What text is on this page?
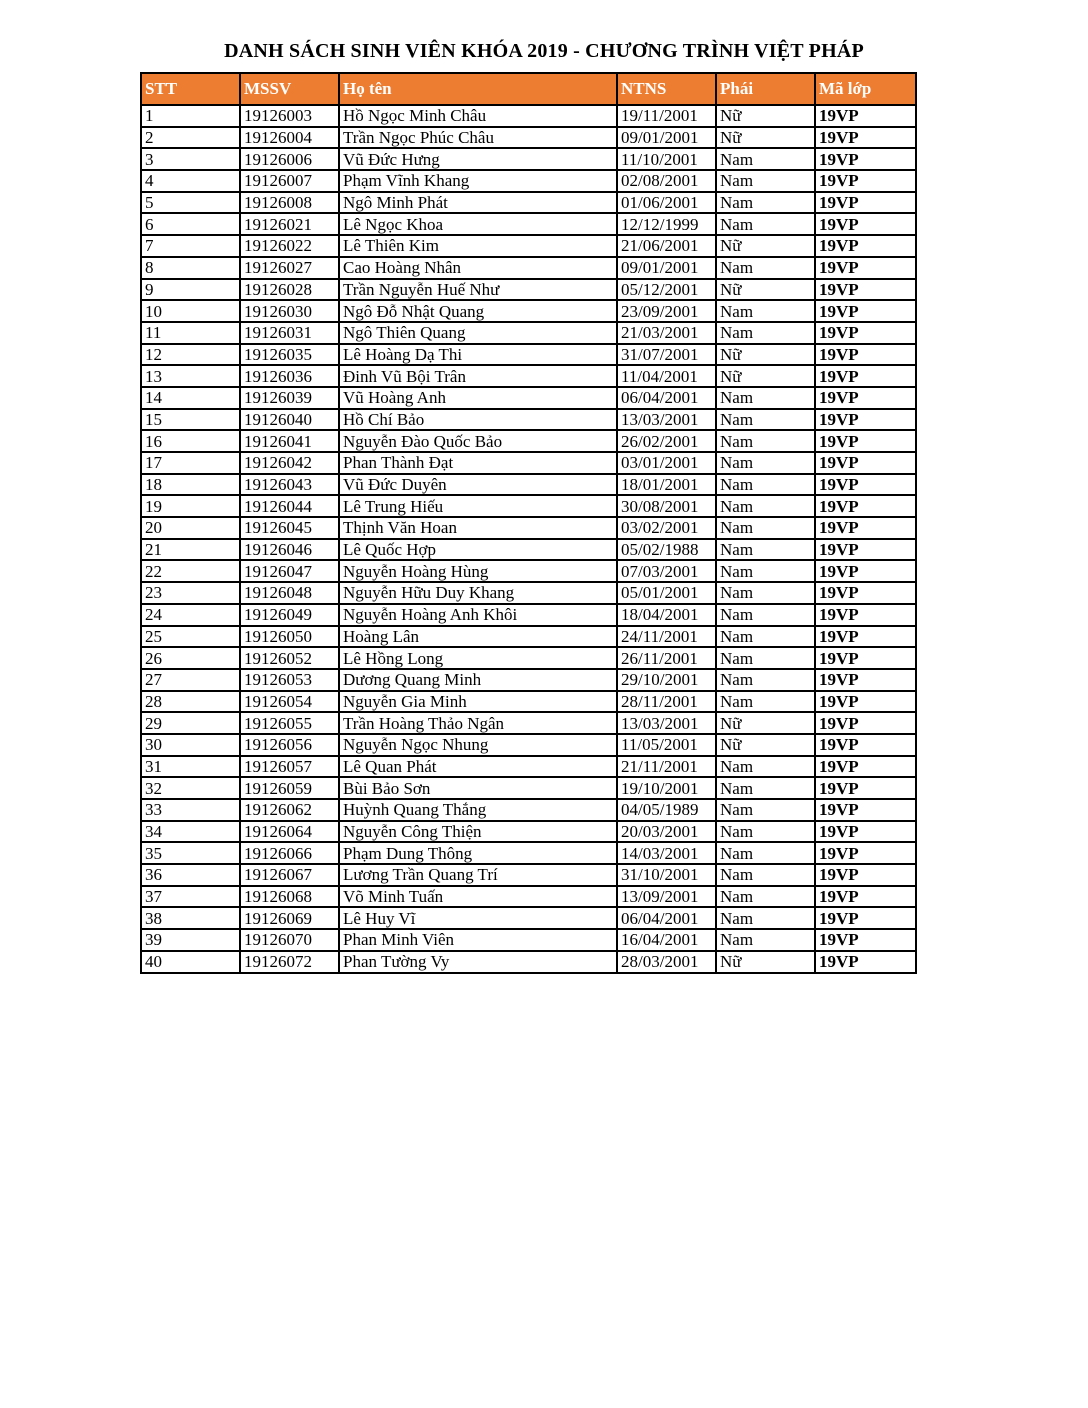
DANH SÁCH SINH VIÊN KHÓA 2019 - CHƯƠNG TRÌNH VIỆT PHÁP
STT	MSSV	Họ tên	NTNS	Phái	Mã lớp
1	19126003	Hồ Ngọc Minh Châu	19/11/2001	Nữ	19VP
2	19126004	Trần Ngọc Phúc Châu	09/01/2001	Nữ	19VP
3	19126006	Vũ Đức Hưng	11/10/2001	Nam	19VP
4	19126007	Phạm Vĩnh Khang	02/08/2001	Nam	19VP
5	19126008	Ngô Minh Phát	01/06/2001	Nam	19VP
6	19126021	Lê Ngọc Khoa	12/12/1999	Nam	19VP
7	19126022	Lê Thiên Kim	21/06/2001	Nữ	19VP
8	19126027	Cao Hoàng Nhân	09/01/2001	Nam	19VP
9	19126028	Trần Nguyễn Huế Như	05/12/2001	Nữ	19VP
10	19126030	Ngô Đỗ Nhật Quang	23/09/2001	Nam	19VP
11	19126031	Ngô Thiên Quang	21/03/2001	Nam	19VP
12	19126035	Lê Hoàng Dạ Thi	31/07/2001	Nữ	19VP
13	19126036	Đinh Vũ Bội Trân	11/04/2001	Nữ	19VP
14	19126039	Vũ Hoàng Anh	06/04/2001	Nam	19VP
15	19126040	Hồ Chí Bảo	13/03/2001	Nam	19VP
16	19126041	Nguyễn Đào Quốc Bảo	26/02/2001	Nam	19VP
17	19126042	Phan Thành Đạt	03/01/2001	Nam	19VP
18	19126043	Vũ Đức Duyên	18/01/2001	Nam	19VP
19	19126044	Lê Trung Hiếu	30/08/2001	Nam	19VP
20	19126045	Thịnh Văn Hoan	03/02/2001	Nam	19VP
21	19126046	Lê Quốc Hợp	05/02/1988	Nam	19VP
22	19126047	Nguyễn Hoàng Hùng	07/03/2001	Nam	19VP
23	19126048	Nguyễn Hữu Duy Khang	05/01/2001	Nam	19VP
24	19126049	Nguyễn Hoàng Anh Khôi	18/04/2001	Nam	19VP
25	19126050	Hoàng Lân	24/11/2001	Nam	19VP
26	19126052	Lê Hồng Long	26/11/2001	Nam	19VP
27	19126053	Dương Quang Minh	29/10/2001	Nam	19VP
28	19126054	Nguyễn Gia Minh	28/11/2001	Nam	19VP
29	19126055	Trần Hoàng Thảo Ngân	13/03/2001	Nữ	19VP
30	19126056	Nguyễn Ngọc Nhung	11/05/2001	Nữ	19VP
31	19126057	Lê Quan Phát	21/11/2001	Nam	19VP
32	19126059	Bùi Bảo Sơn	19/10/2001	Nam	19VP
33	19126062	Huỳnh Quang Thắng	04/05/1989	Nam	19VP
34	19126064	Nguyễn Công Thiện	20/03/2001	Nam	19VP
35	19126066	Phạm Dung Thông	14/03/2001	Nam	19VP
36	19126067	Lương Trần Quang Trí	31/10/2001	Nam	19VP
37	19126068	Võ Minh Tuấn	13/09/2001	Nam	19VP
38	19126069	Lê Huy Vĩ	06/04/2001	Nam	19VP
39	19126070	Phan Minh Viên	16/04/2001	Nam	19VP
40	19126072	Phan Tường Vy	28/03/2001	Nữ	19VP
